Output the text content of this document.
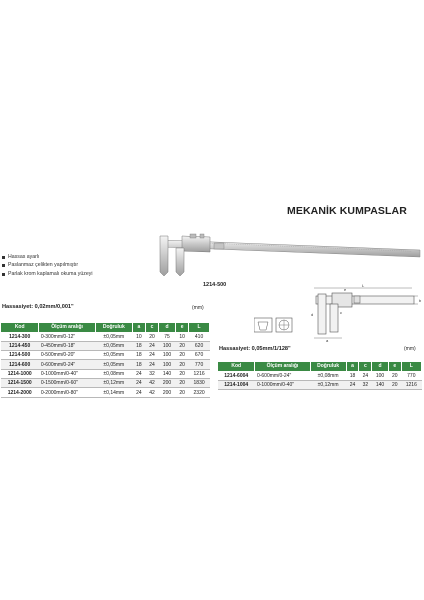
MEKANİK KUMPASLAR
1214-500	L
d
b
c
a
e
Hassas ayarlı
Paslanmaz çelikten yapılmıştır
Parlak krom kaplamalı okuma yüzeyi
Hassasiyet: 0,02mm/0,001"	(mm)
Kod	Ölçüm aralığı	Doğruluk	a	c	d	e	L
1214-300	0-300mm/0-12"	±0,05mm	10	20	75	10	410
1214-450	0-450mm/0-18"	±0,05mm	18	24	100	20	620
1214-500	0-500mm/0-20"	±0,05mm	18	24	100	20	670
1214-600	0-600mm/0-24"	±0,05mm	18	24	100	20	770
1214-1000	0-1000mm/0-40"	±0,08mm	24	32	140	20	1216
1214-1500	0-1500mm/0-60"	±0,12mm	24	42	200	20	1830
1214-2000	0-2000mm/0-80"	±0,14mm	24	42	200	20	2320
Hassasiyet: 0,05mm/1/128"	(mm)
Kod	Ölçüm aralığı	Doğruluk	a	c	d	e	L
1214-6004	0-600mm/0-24"	±0,08mm	18	24	100	20	770
1214-1004	0-1000mm/0-40"	±0,12mm	24	32	140	20	1216
